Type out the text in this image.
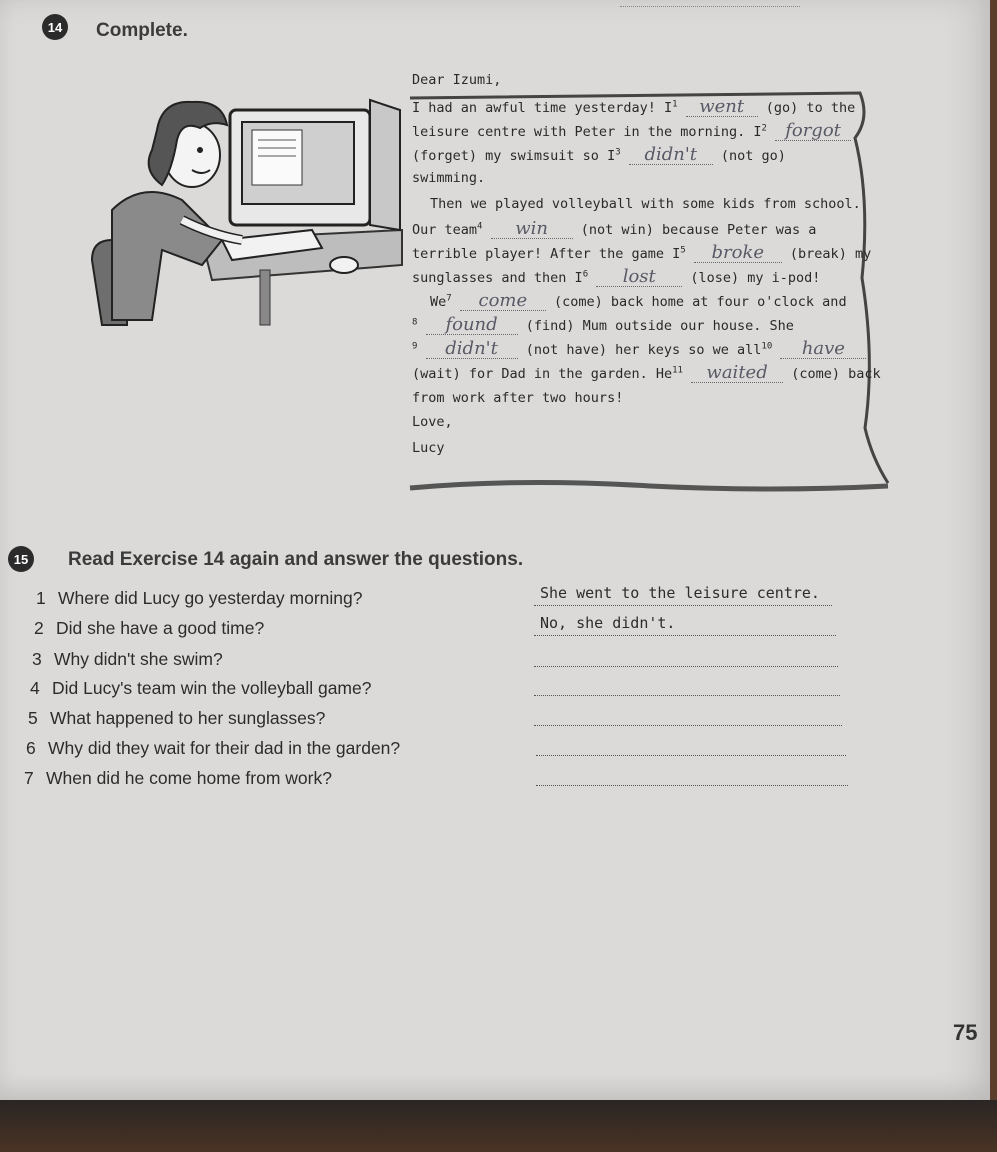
14	Complete.
Dear Izumi,
I had an awful time yesterday! $I^1$ went (go) to the
leisure centre with Peter in the morning. $I^2$ forgot
(forget) my swimsuit so $I^3$ didn't (not go)
swimming.
Then we played volleyball with some kids from school.
Our team$^4$ win (not win) because Peter was a
terrible player! After the game $I^5$ broke (break) my
sunglasses and then $I^6$ lost	(lose) my i-pod!
We$^7$ come (come) back home at four o'clock and
$^8$ found (find) Mum outside our house. She
$^9$ didn't (not have) her keys so we all$^{10}$ have
(wait) for Dad in the garden. He$^{11}$ waited (come) back
from work after two hours!
Love,
Lucy
15	Read Exercise 14 again and answer the questions.
1 Where did Lucy go yesterday morning?	She went to the leisure centre.
2 Did she have a good time?	No, she didn't.
3 Why didn't she swim?
4 Did Lucy's team win the volleyball game?
5 What happened to her sunglasses?
6 Why did they wait for their dad in the garden?
7 When did he come home from work?
75
